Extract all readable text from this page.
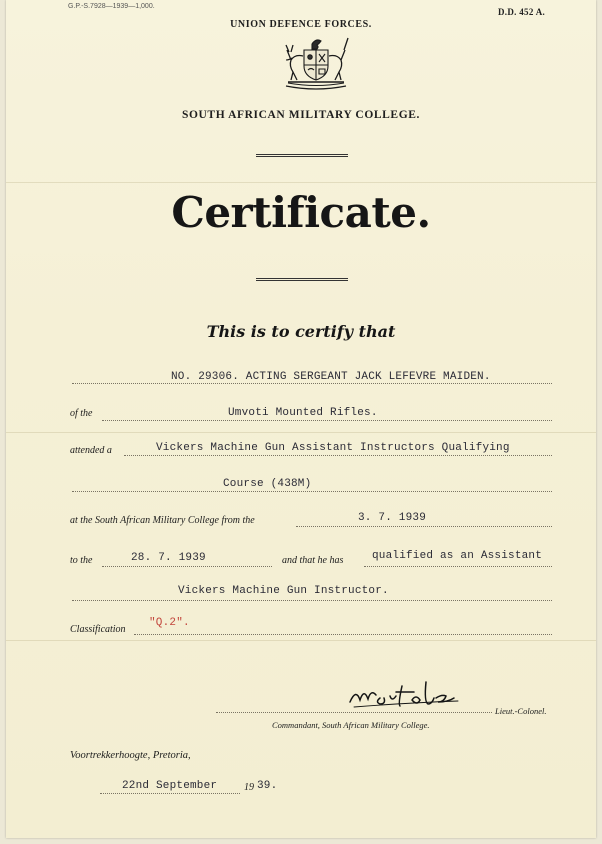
G.P.-S.7928—1939—1,000.
D.D. 452 A.
UNION DEFENCE FORCES.
SOUTH AFRICAN MILITARY COLLEGE.
Certificate.
This is to certify that
NO. 29306. ACTING SERGEANT JACK LEFEVRE MAIDEN.
of the	Umvoti Mounted Rifles.
attended a	Vickers Machine Gun Assistant Instructors Qualifying
Course (438M)
at the South African Military College from the	3. 7. 1939
to the	28. 7. 1939	and that he has	qualified as an Assistant
Vickers Machine Gun Instructor.
Classification
"Q.2".
Lieut.-Colonel.
Commandant, South African Military College.
Voortrekkerhoogte, Pretoria,
22nd September	19 39.
